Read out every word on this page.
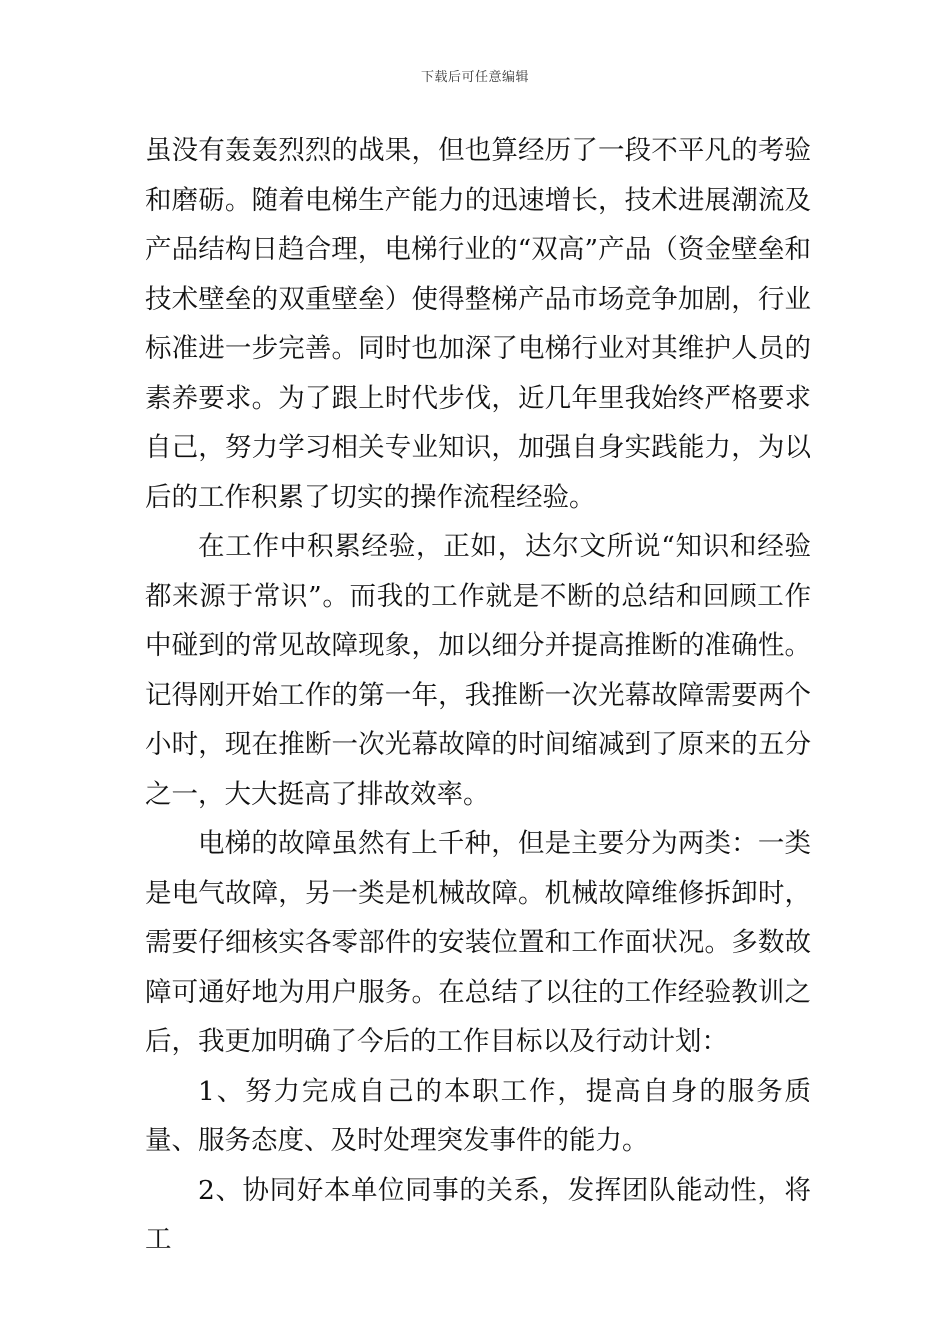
下载后可任意编辑

虽没有轰轰烈烈的战果，但也算经历了一段不平凡的考验和磨砺。随着电梯生产能力的迅速增长，技术进展潮流及产品结构日趋合理，电梯行业的“双高”产品（资金壁垒和技术壁垒的双重壁垒）使得整梯产品市场竞争加剧，行业标准进一步完善。同时也加深了电梯行业对其维护人员的素养要求。为了跟上时代步伐，近几年里我始终严格要求自己，努力学习相关专业知识，加强自身实践能力，为以后的工作积累了切实的操作流程经验。

在工作中积累经验，正如，达尔文所说“知识和经验都来源于常识”。而我的工作就是不断的总结和回顾工作中碰到的常见故障现象，加以细分并提高推断的准确性。记得刚开始工作的第一年，我推断一次光幕故障需要两个小时，现在推断一次光幕故障的时间缩减到了原来的五分之一，大大挺高了排故效率。

电梯的故障虽然有上千种，但是主要分为两类：一类是电气故障，另一类是机械故障。机械故障维修拆卸时，需要仔细核实各零部件的安装位置和工作面状况。多数故障可通好地为用户服务。在总结了以往的工作经验教训之后，我更加明确了今后的工作目标以及行动计划：

1、努力完成自己的本职工作，提高自身的服务质量、服务态度、及时处理突发事件的能力。

2、协同好本单位同事的关系，发挥团队能动性，将工
